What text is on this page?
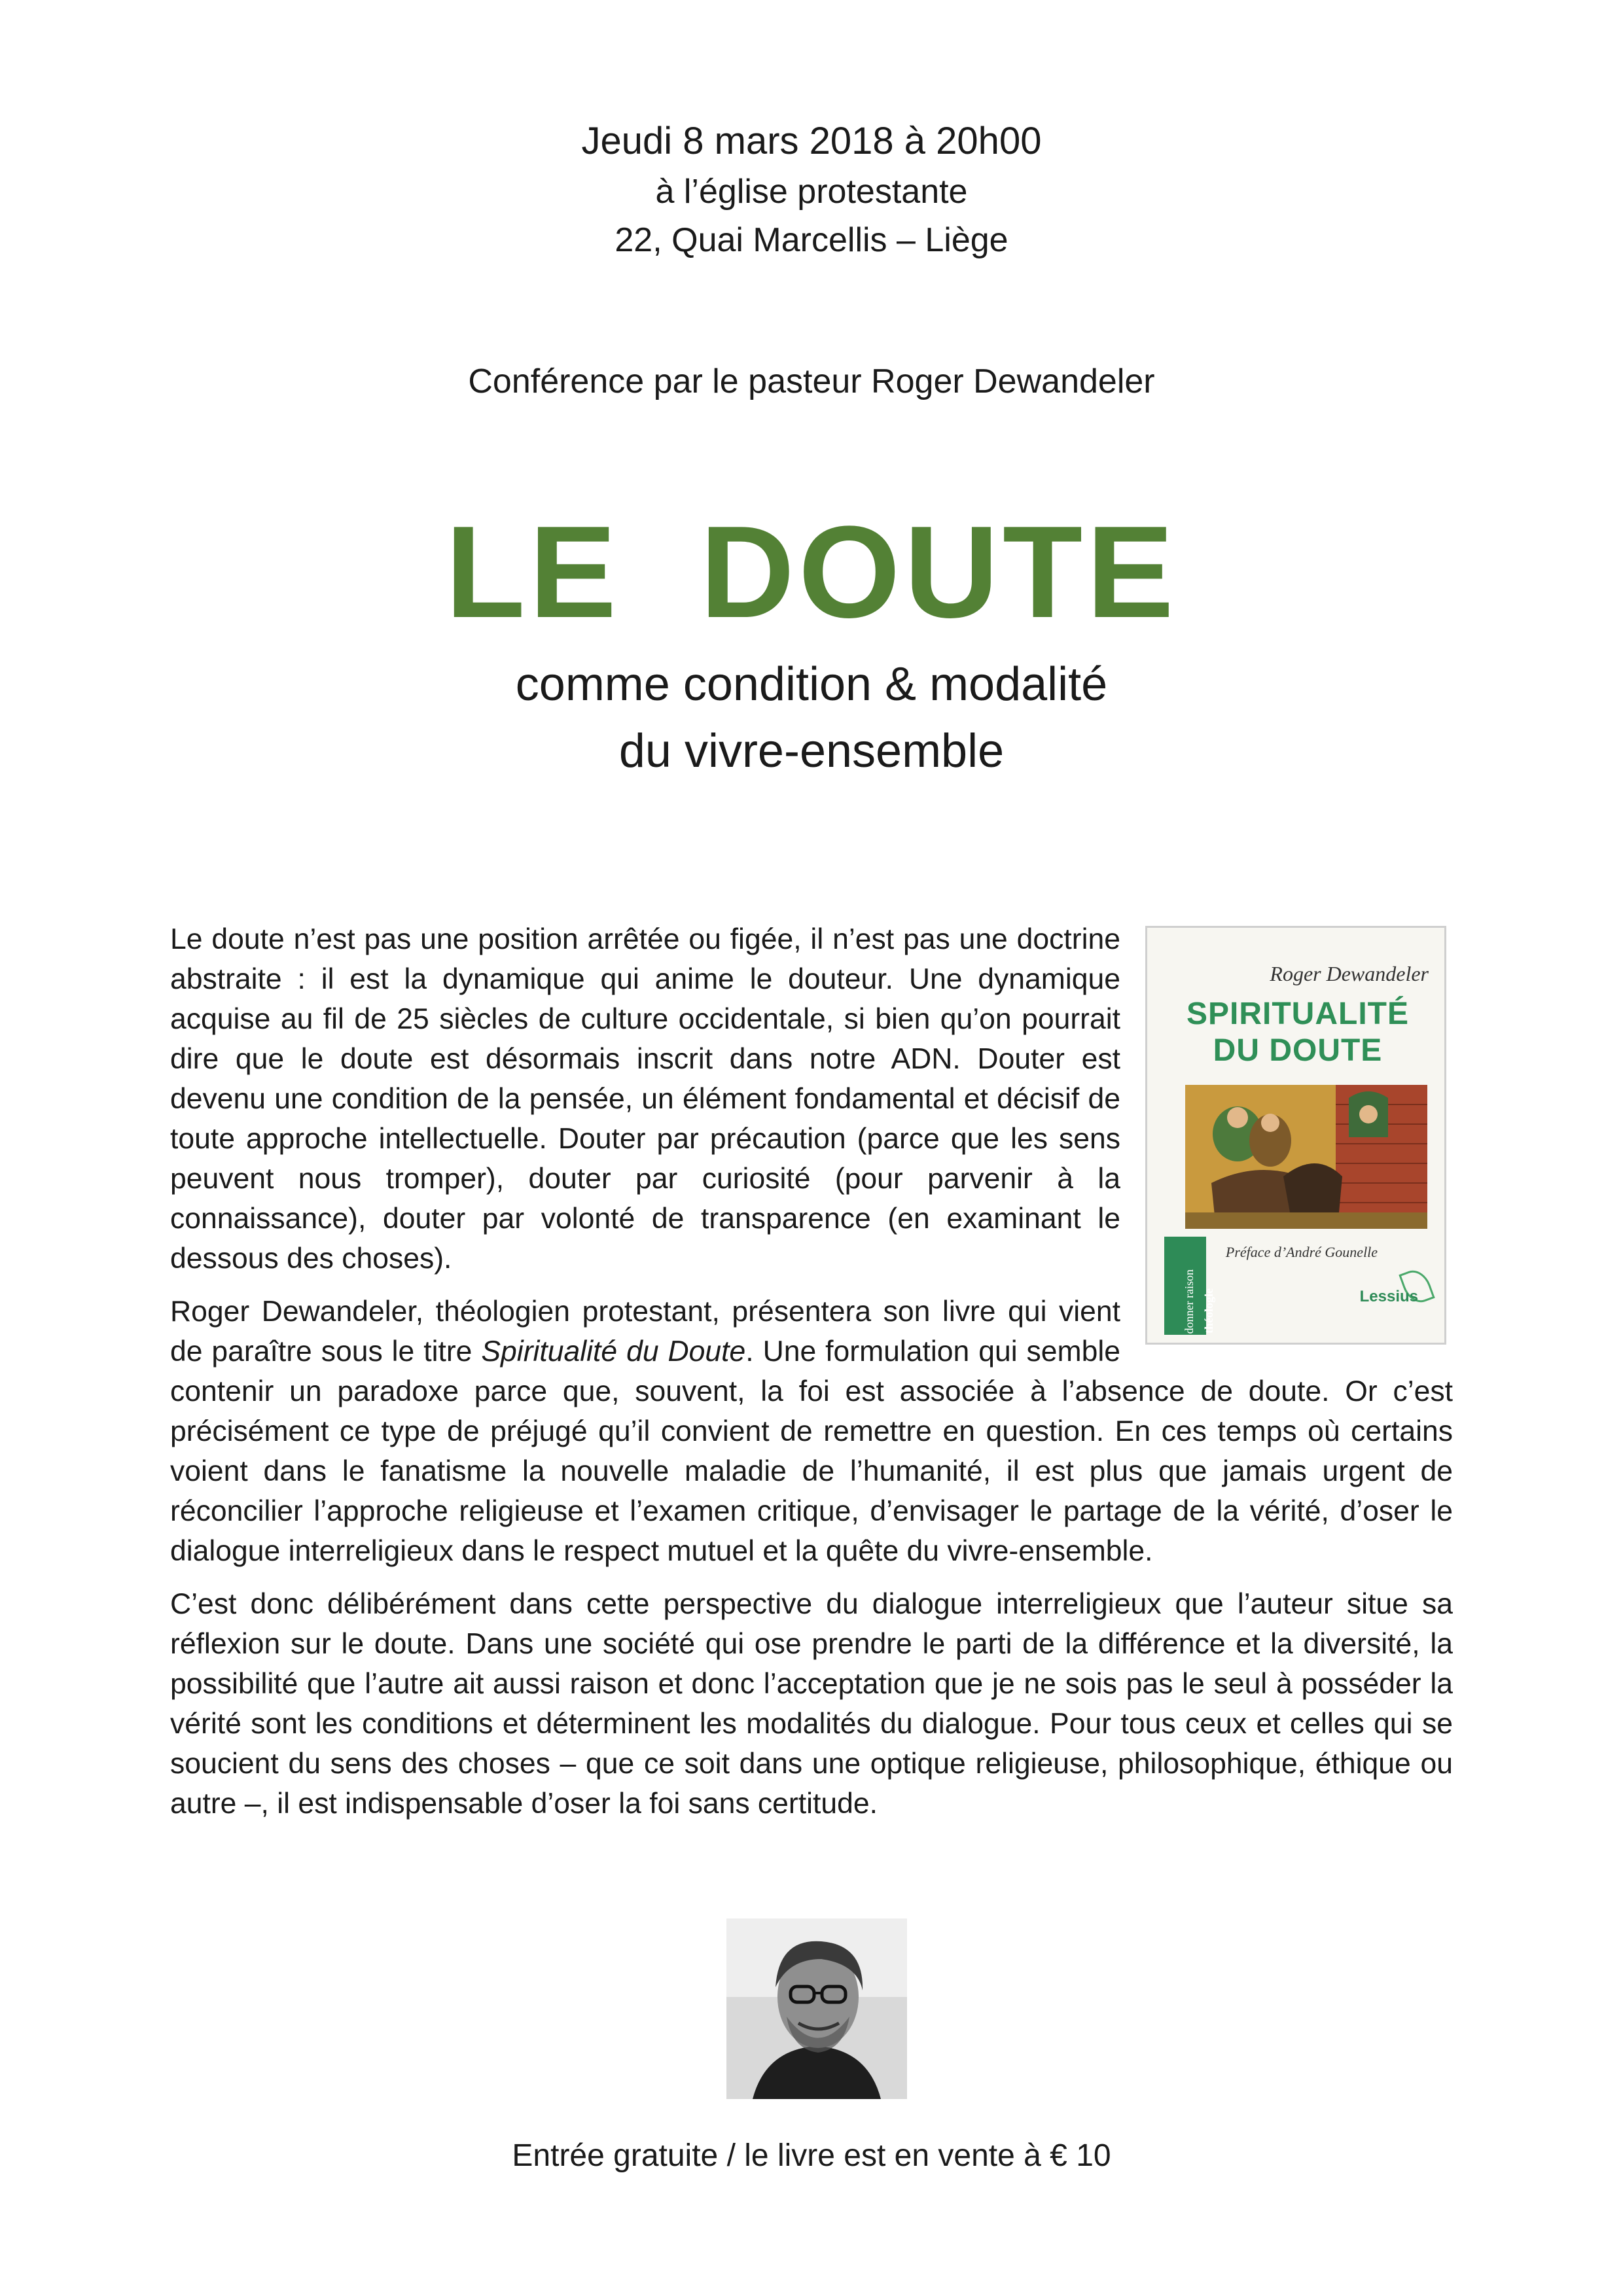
Jeudi 8 mars 2018 à 20h00
à l’église protestante
22, Quai Marcellis – Liège
Conférence par le pasteur Roger Dewandeler
LE DOUTE
comme condition & modalité
du vivre-ensemble

Roger Dewandeler
SPIRITUALITÉ
DU DOUTE
Préface d’André Gounelle
donner raison théologie	Lessius
Le doute n’est pas une position arrêtée ou figée, il n’est pas une doctrine abstraite : il est la dynamique qui anime le douteur. Une dynamique acquise au fil de 25 siècles de culture occidentale, si bien qu’on pourrait dire que le doute est désormais inscrit dans notre ADN. Douter est devenu une condition de la pensée, un élément fondamental et décisif de toute approche intellectuelle. Douter par précaution (parce que les sens peuvent nous tromper), douter par curiosité (pour parvenir à la connaissance), douter par volonté de transparence (en examinant le dessous des choses).

Roger Dewandeler, théologien protestant, présentera son livre qui vient de paraître sous le titre Spiritualité du Doute. Une formulation qui semble contenir un paradoxe parce que, souvent, la foi est associée à l’absence de doute. Or c’est précisément ce type de préjugé qu’il convient de remettre en question. En ces temps où certains voient dans le fanatisme la nouvelle maladie de l’humanité, il est plus que jamais urgent de réconcilier l’approche religieuse et l’examen critique, d’envisager le partage de la vérité, d’oser le dialogue interreligieux dans le respect mutuel et la quête du vivre-ensemble.

C’est donc délibérément dans cette perspective du dialogue interreligieux que l’auteur situe sa réflexion sur le doute. Dans une société qui ose prendre le parti de la différence et la diversité, la possibilité que l’autre ait aussi raison et donc l’acceptation que je ne sois pas le seul à posséder la vérité sont les conditions et déterminent les modalités du dialogue. Pour tous ceux et celles qui se soucient du sens des choses – que ce soit dans une optique religieuse, philosophique, éthique ou autre –, il est indispensable d’oser la foi sans certitude.

Entrée gratuite / le livre est en vente à € 10
